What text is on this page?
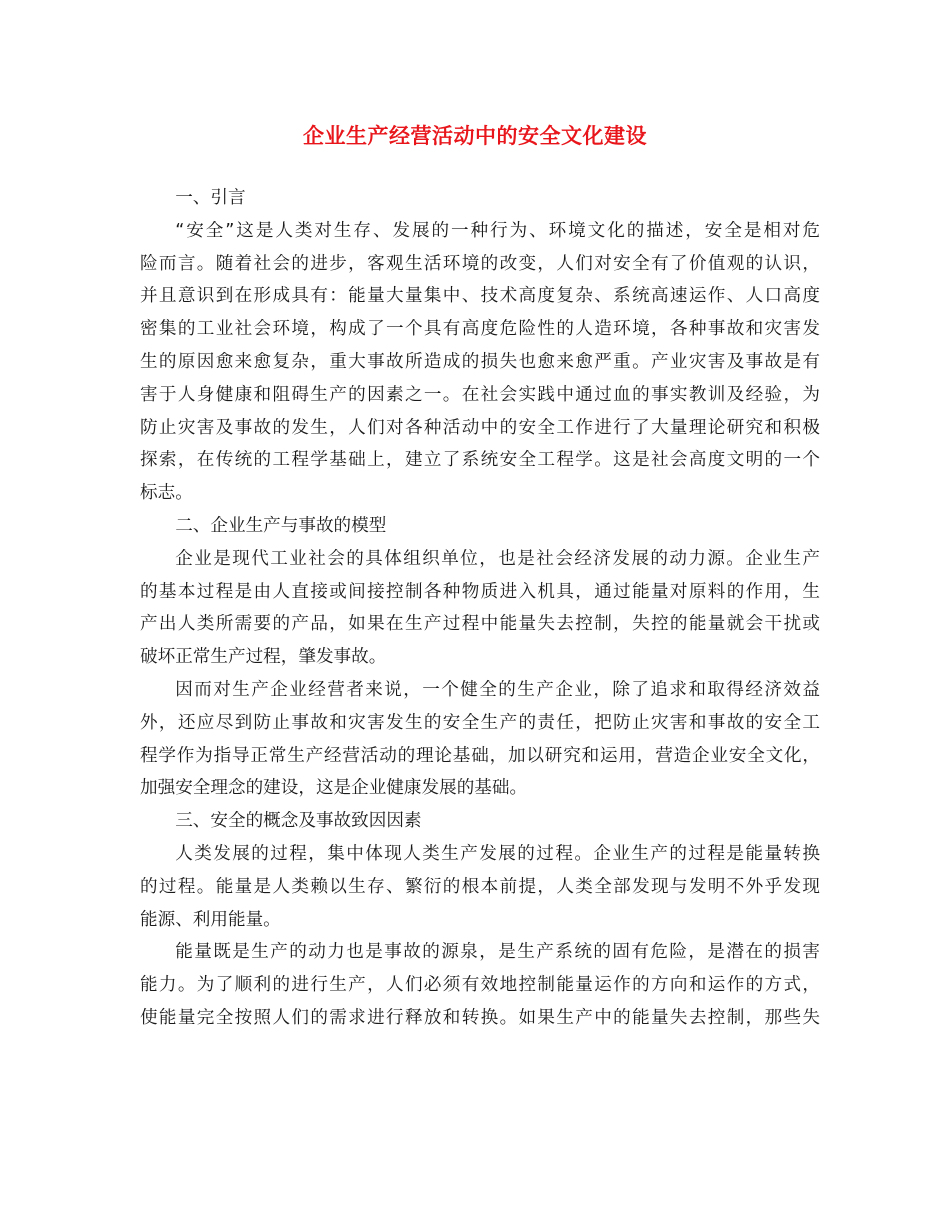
企业生产经营活动中的安全文化建设
一、引言
“安全”这是人类对生存、发展的一种行为、环境文化的描述，安全是相对危
险而言。随着社会的进步，客观生活环境的改变，人们对安全有了价值观的认识，
并且意识到在形成具有：能量大量集中、技术高度复杂、系统高速运作、人口高度
密集的工业社会环境，构成了一个具有高度危险性的人造环境，各种事故和灾害发
生的原因愈来愈复杂，重大事故所造成的损失也愈来愈严重。产业灾害及事故是有
害于人身健康和阻碍生产的因素之一。在社会实践中通过血的事实教训及经验，为
防止灾害及事故的发生，人们对各种活动中的安全工作进行了大量理论研究和积极
探索，在传统的工程学基础上，建立了系统安全工程学。这是社会高度文明的一个
标志。
二、企业生产与事故的模型
企业是现代工业社会的具体组织单位，也是社会经济发展的动力源。企业生产
的基本过程是由人直接或间接控制各种物质进入机具，通过能量对原料的作用，生
产出人类所需要的产品，如果在生产过程中能量失去控制，失控的能量就会干扰或
破坏正常生产过程，肇发事故。
因而对生产企业经营者来说，一个健全的生产企业，除了追求和取得经济效益
外，还应尽到防止事故和灾害发生的安全生产的责任，把防止灾害和事故的安全工
程学作为指导正常生产经营活动的理论基础，加以研究和运用，营造企业安全文化，
加强安全理念的建设，这是企业健康发展的基础。
三、安全的概念及事故致因因素
人类发展的过程，集中体现人类生产发展的过程。企业生产的过程是能量转换
的过程。能量是人类赖以生存、繁衍的根本前提，人类全部发现与发明不外乎发现
能源、利用能量。
能量既是生产的动力也是事故的源泉，是生产系统的固有危险，是潜在的损害
能力。为了顺利的进行生产，人们必须有效地控制能量运作的方向和运作的方式，
使能量完全按照人们的需求进行释放和转换。如果生产中的能量失去控制，那些失
